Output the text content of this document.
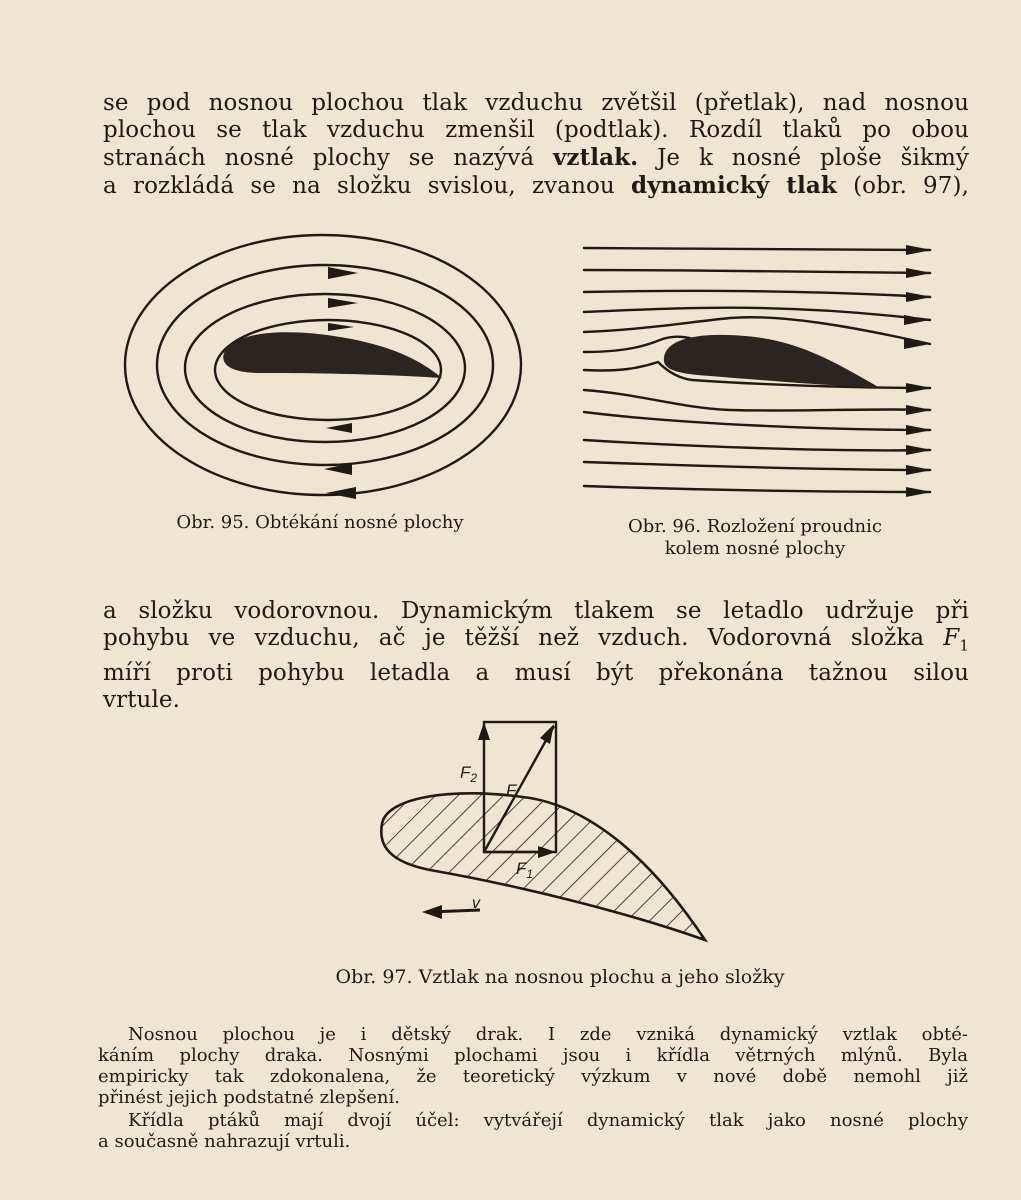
se pod nosnou plochou tlak vzduchu zvětšil (přetlak), nad nosnou
plochou se tlak vzduchu zmenšil (podtlak). Rozdíl tlaků po obou
stranách nosné plochy se nazývá vztlak. Je k nosné ploše šikmý
a rozkládá se na složku svislou, zvanou dynamický tlak (obr. 97),
Obr. 95. Obtékání nosné plochy	Obr. 96. Rozložení proudnic
kolem nosné plochy
a složku vodorovnou. Dynamickým tlakem se letadlo udržuje při
pohybu ve vzduchu, ač je těžší než vzduch. Vodorovná složka $F_1$
míří proti pohybu letadla a musí být překonána tažnou silou
vrtule.
F
$F_2$
$F_1$
v
Obr. 97. Vztlak na nosnou plochu a jeho složky
Nosnou plochou je i dětský drak. I zde vzniká dynamický vztlak obté-
káním plochy draka. Nosnými plochami jsou i křídla větrných mlýnů. Byla
empiricky tak zdokonalena, že teoretický výzkum v nové době nemohl již
přinést jejich podstatné zlepšení.
Křídla ptáků mají dvojí účel: vytvářejí dynamický tlak jako nosné plochy
a současně nahrazují vrtuli.
